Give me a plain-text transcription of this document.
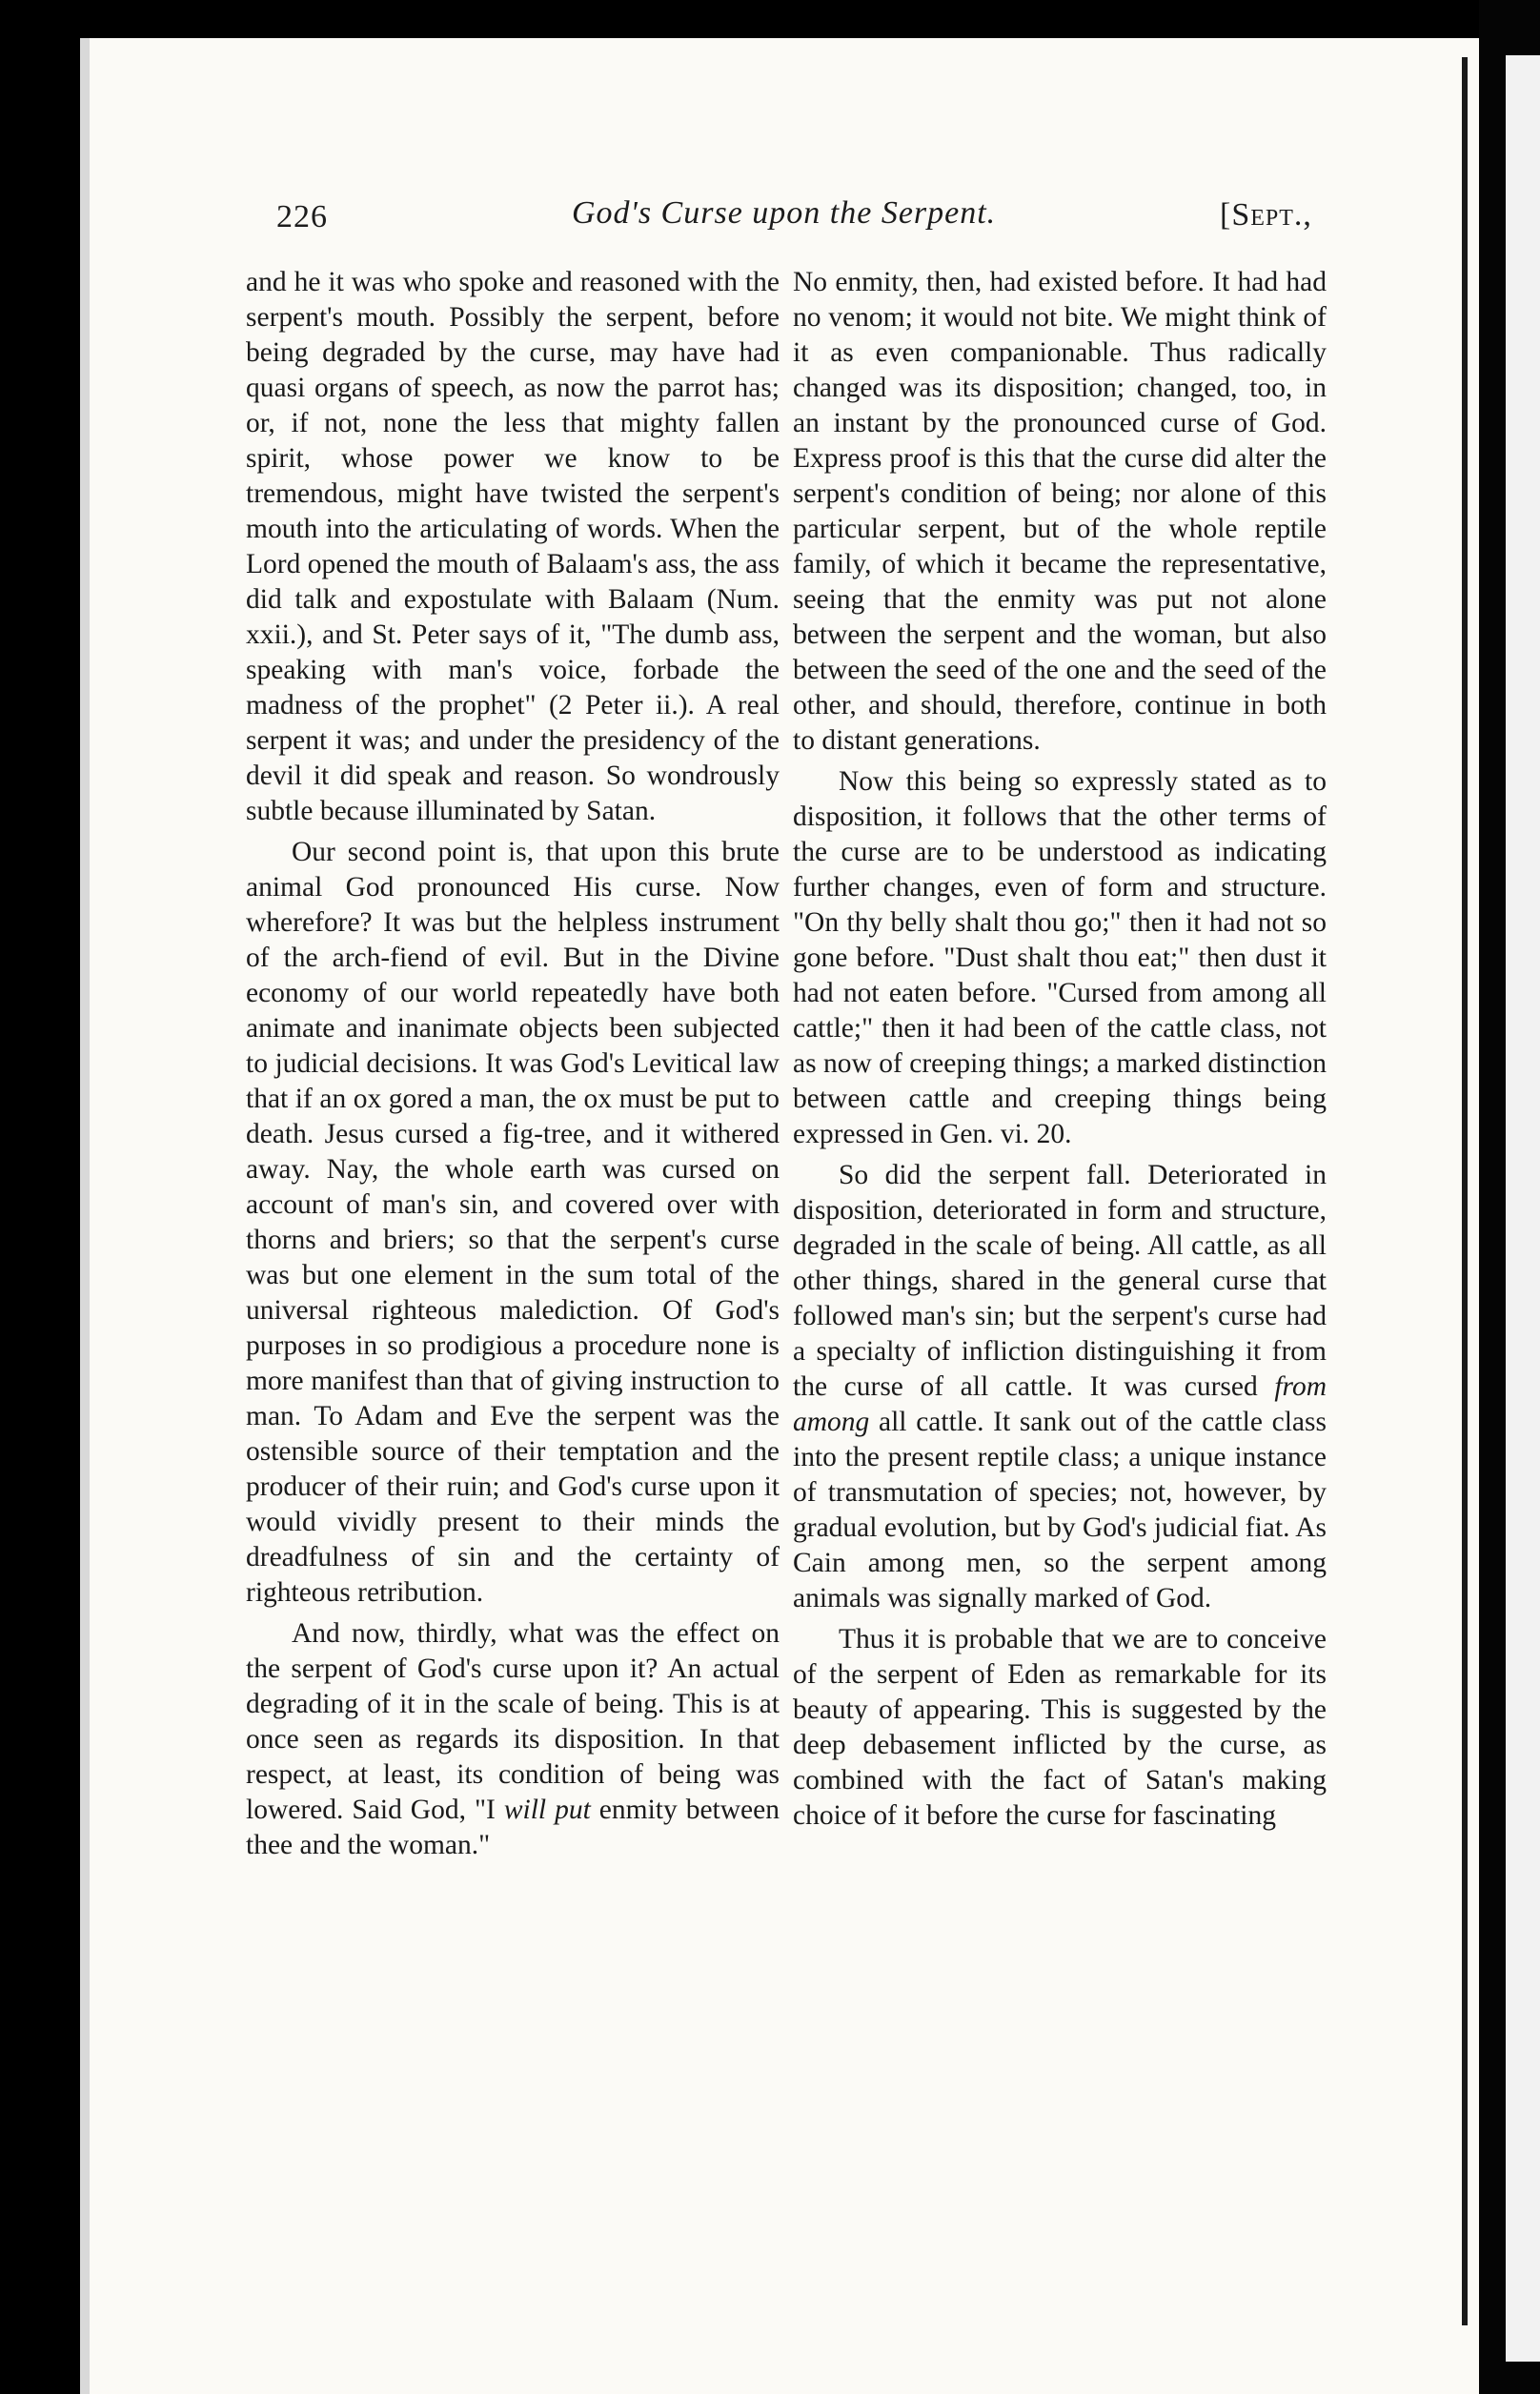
226	God's Curse upon the Serpent.	[Sept.,

and he it was who spoke and reasoned with the serpent's mouth. Possibly the serpent, before being degraded by the curse, may have had quasi organs of speech, as now the parrot has; or, if not, none the less that mighty fallen spirit, whose power we know to be tremendous, might have twisted the serpent's mouth into the articulating of words. When the Lord opened the mouth of Balaam's ass, the ass did talk and expostulate with Balaam (Num. xxii.), and St. Peter says of it, "The dumb ass, speaking with man's voice, forbade the madness of the prophet" (2 Peter ii.). A real serpent it was; and under the presidency of the devil it did speak and reason. So wondrously subtle because illuminated by Satan.

Our second point is, that upon this brute animal God pronounced His curse. Now wherefore? It was but the helpless instrument of the arch-fiend of evil. But in the Divine economy of our world repeatedly have both animate and inanimate objects been subjected to judicial decisions. It was God's Levitical law that if an ox gored a man, the ox must be put to death. Jesus cursed a fig-tree, and it withered away. Nay, the whole earth was cursed on account of man's sin, and covered over with thorns and briers; so that the serpent's curse was but one element in the sum total of the universal righteous malediction. Of God's purposes in so prodigious a procedure none is more manifest than that of giving instruction to man. To Adam and Eve the serpent was the ostensible source of their temptation and the producer of their ruin; and God's curse upon it would vividly present to their minds the dreadfulness of sin and the certainty of righteous retribution.

And now, thirdly, what was the effect on the serpent of God's curse upon it? An actual degrading of it in the scale of being. This is at once seen as regards its disposition. In that respect, at least, its condition of being was lowered. Said God, "I will put enmity between thee and the woman."

No enmity, then, had existed before. It had had no venom; it would not bite. We might think of it as even companionable. Thus radically changed was its disposition; changed, too, in an instant by the pronounced curse of God. Express proof is this that the curse did alter the serpent's condition of being; nor alone of this particular serpent, but of the whole reptile family, of which it became the representative, seeing that the enmity was put not alone between the serpent and the woman, but also between the seed of the one and the seed of the other, and should, therefore, continue in both to distant generations.

Now this being so expressly stated as to disposition, it follows that the other terms of the curse are to be understood as indicating further changes, even of form and structure. "On thy belly shalt thou go;" then it had not so gone before. "Dust shalt thou eat;" then dust it had not eaten before. "Cursed from among all cattle;" then it had been of the cattle class, not as now of creeping things; a marked distinction between cattle and creeping things being expressed in Gen. vi. 20.

So did the serpent fall. Deteriorated in disposition, deteriorated in form and structure, degraded in the scale of being. All cattle, as all other things, shared in the general curse that followed man's sin; but the serpent's curse had a specialty of infliction distinguishing it from the curse of all cattle. It was cursed from among all cattle. It sank out of the cattle class into the present reptile class; a unique instance of transmutation of species; not, however, by gradual evolution, but by God's judicial fiat. As Cain among men, so the serpent among animals was signally marked of God.

Thus it is probable that we are to conceive of the serpent of Eden as remarkable for its beauty of appearing. This is suggested by the deep debasement inflicted by the curse, as combined with the fact of Satan's making choice of it before the curse for fascinating
